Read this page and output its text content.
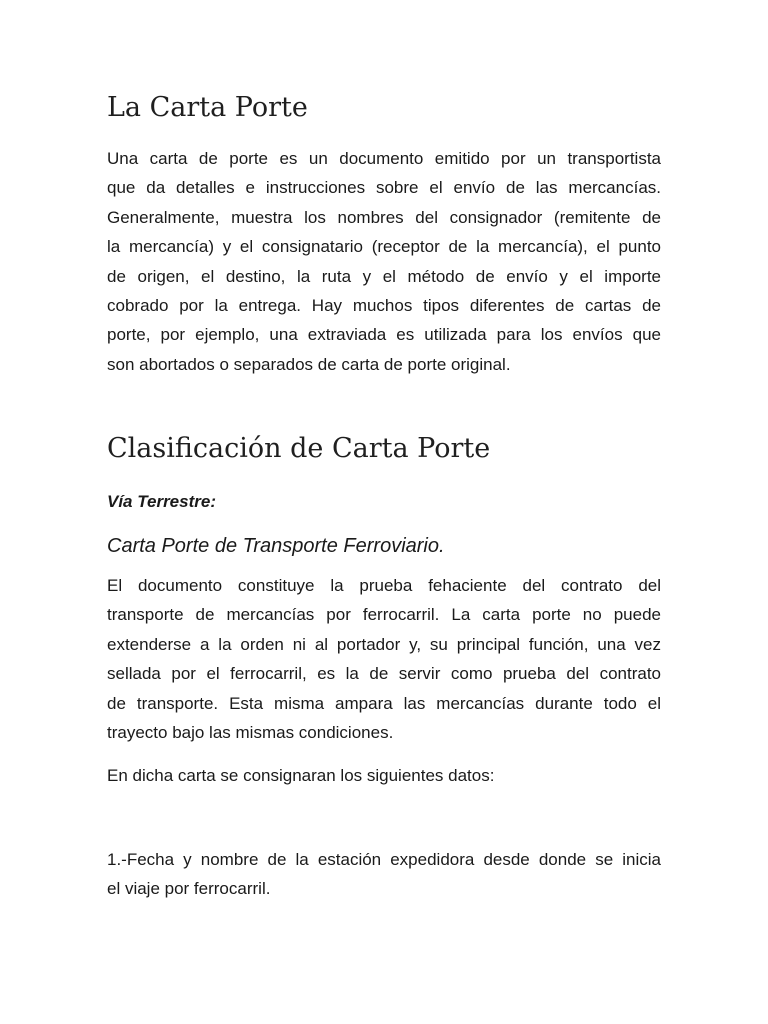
La Carta Porte
Una carta de porte es un documento emitido por un transportista
que da detalles e instrucciones sobre el envío de las mercancías.
Generalmente, muestra los nombres del consignador (remitente de
la mercancía) y el consignatario (receptor de la mercancía), el punto
de origen, el destino, la ruta y el método de envío y el importe
cobrado por la entrega. Hay muchos tipos diferentes de cartas de
porte, por ejemplo, una extraviada es utilizada para los envíos que
son abortados o separados de carta de porte original.
Clasificación de Carta Porte
Vía Terrestre:
Carta Porte de Transporte Ferroviario.
El documento constituye la prueba fehaciente del contrato del
transporte de mercancías por ferrocarril. La carta porte no puede
extenderse a la orden ni al portador y, su principal función, una vez
sellada por el ferrocarril, es la de servir como prueba del contrato
de transporte. Esta misma ampara las mercancías durante todo el
trayecto bajo las mismas condiciones.
En dicha carta se consignaran los siguientes datos:
1.-Fecha y nombre de la estación expedidora desde donde se inicia
el viaje por ferrocarril.
